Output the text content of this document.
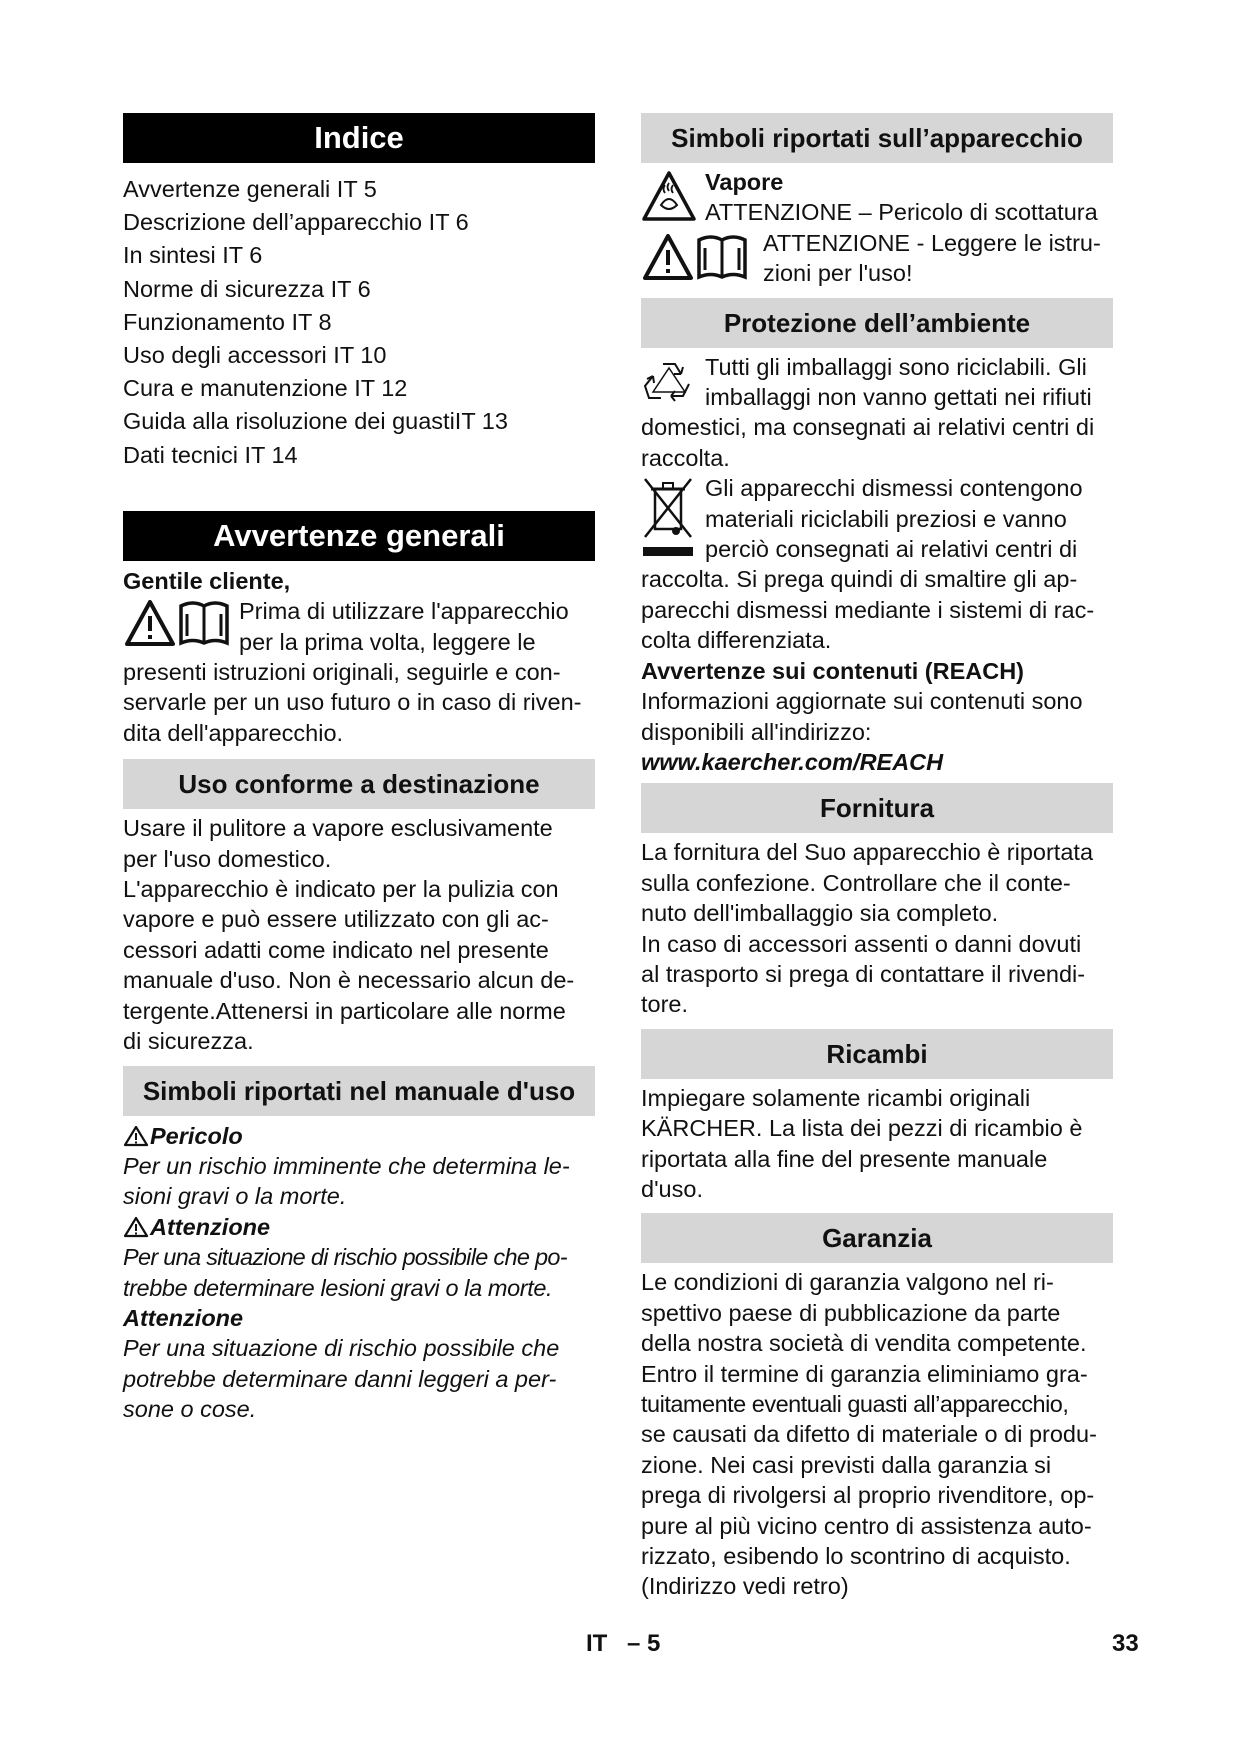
Indice

Avvertenze generali IT 5

Descrizione dell’apparecchio IT 6

In sintesi IT 6

Norme di sicurezza IT 6

Funzionamento IT 8

Uso degli accessori IT 10

Cura e manutenzione IT 12

Guida alla risoluzione dei guastiIT 13

Dati tecnici IT 14

Avvertenze generali

Gentile cliente,

Prima di utilizzare l'apparecchio

per la prima volta, leggere le

presenti istruzioni originali, seguirle e con-

servarle per un uso futuro o in caso di riven-

dita dell'apparecchio.

Uso conforme a destinazione

Usare il pulitore a vapore esclusivamente

per l'uso domestico.

L'apparecchio è indicato per la pulizia con

vapore e può essere utilizzato con gli ac-

cessori adatti come indicato nel presente

manuale d'uso. Non è necessario alcun de-

tergente.Attenersi in particolare alle norme

di sicurezza.

Simboli riportati nel manuale d'uso

Pericolo

Per un rischio imminente che determina le-

sioni gravi o la morte.

Attenzione

Per una situazione di rischio possibile che po-

trebbe determinare lesioni gravi o la morte.

Attenzione

Per una situazione di rischio possibile che

potrebbe determinare danni leggeri a per-

sone o cose.

Simboli riportati sull’apparecchio

Vapore

ATTENZIONE – Pericolo di scottatura

ATTENZIONE - Leggere le istru-

zioni per l'uso!

Protezione dell’ambiente

Tutti gli imballaggi sono riciclabili. Gli

imballaggi non vanno gettati nei rifiuti

domestici, ma consegnati ai relativi centri di

raccolta.

Gli apparecchi dismessi contengono

materiali riciclabili preziosi e vanno

perciò consegnati ai relativi centri di

raccolta. Si prega quindi di smaltire gli ap-

parecchi dismessi mediante i sistemi di rac-

colta differenziata.

Avvertenze sui contenuti (REACH)

Informazioni aggiornate sui contenuti sono

disponibili all'indirizzo:

www.kaercher.com/REACH

Fornitura

La fornitura del Suo apparecchio è riportata

sulla confezione. Controllare che il conte-

nuto dell'imballaggio sia completo.

In caso di accessori assenti o danni dovuti

al trasporto si prega di contattare il rivendi-

tore.

Ricambi

Impiegare solamente ricambi originali

KÄRCHER. La lista dei pezzi di ricambio è

riportata alla fine del presente manuale

d'uso.

Garanzia

Le condizioni di garanzia valgono nel ri-

spettivo paese di pubblicazione da parte

della nostra società di vendita competente.

Entro il termine di garanzia eliminiamo gra-

tuitamente eventuali guasti all’apparecchio,

se causati da difetto di materiale o di produ-

zione. Nei casi previsti dalla garanzia si

prega di rivolgersi al proprio rivenditore, op-

pure al più vicino centro di assistenza auto-

rizzato, esibendo lo scontrino di acquisto.

(Indirizzo vedi retro)

IT – 5	33
